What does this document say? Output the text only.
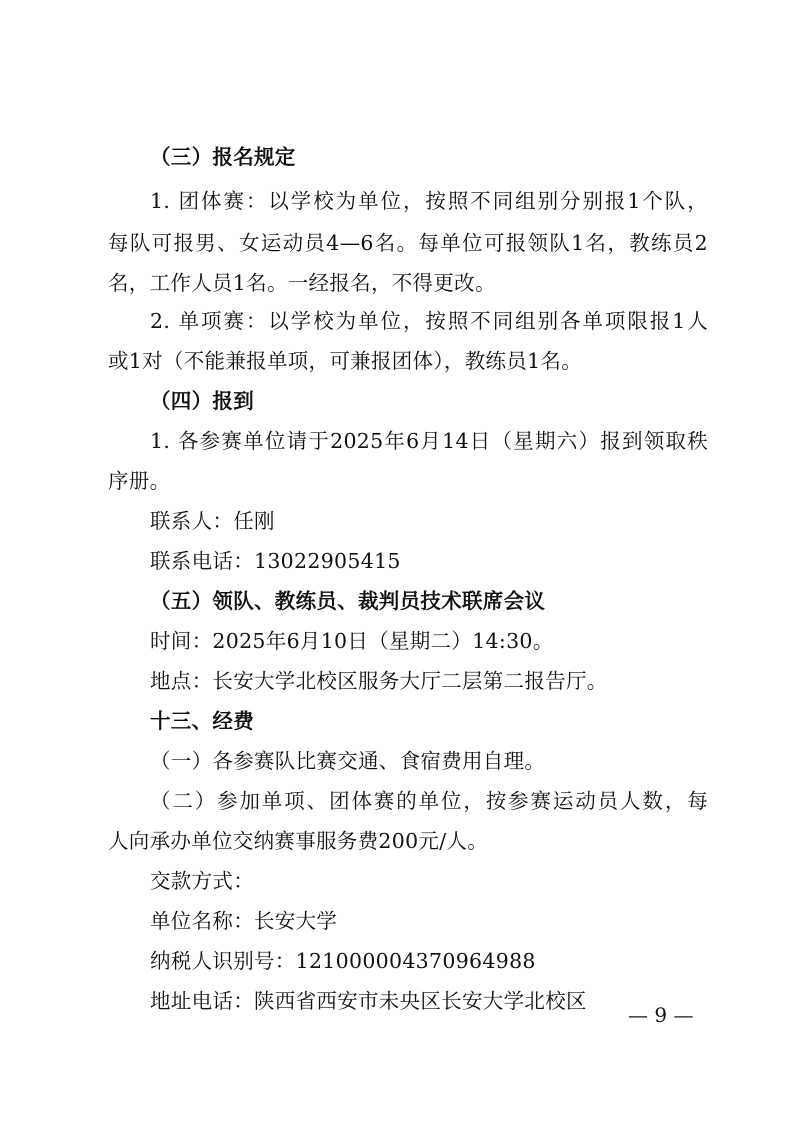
（三）报名规定
1. 团体赛：以学校为单位，按照不同组别分别报1个队，
每队可报男、女运动员4—6名。每单位可报领队1名，教练员2
名，工作人员1名。一经报名，不得更改。
2. 单项赛：以学校为单位，按照不同组别各单项限报1人
或1对（不能兼报单项，可兼报团体），教练员1名。
（四）报到
1. 各参赛单位请于2025年6月14日（星期六）报到领取秩
序册。
联系人：任刚
联系电话：13022905415
（五）领队、教练员、裁判员技术联席会议
时间：2025年6月10日（星期二）14:30。
地点：长安大学北校区服务大厅二层第二报告厅。
十三、经费
（一）各参赛队比赛交通、食宿费用自理。
（二）参加单项、团体赛的单位，按参赛运动员人数，每
人向承办单位交纳赛事服务费200元/人。
交款方式：
单位名称：长安大学
纳税人识别号：121000004370964988
地址电话：陕西省西安市未央区长安大学北校区
— 9 —
